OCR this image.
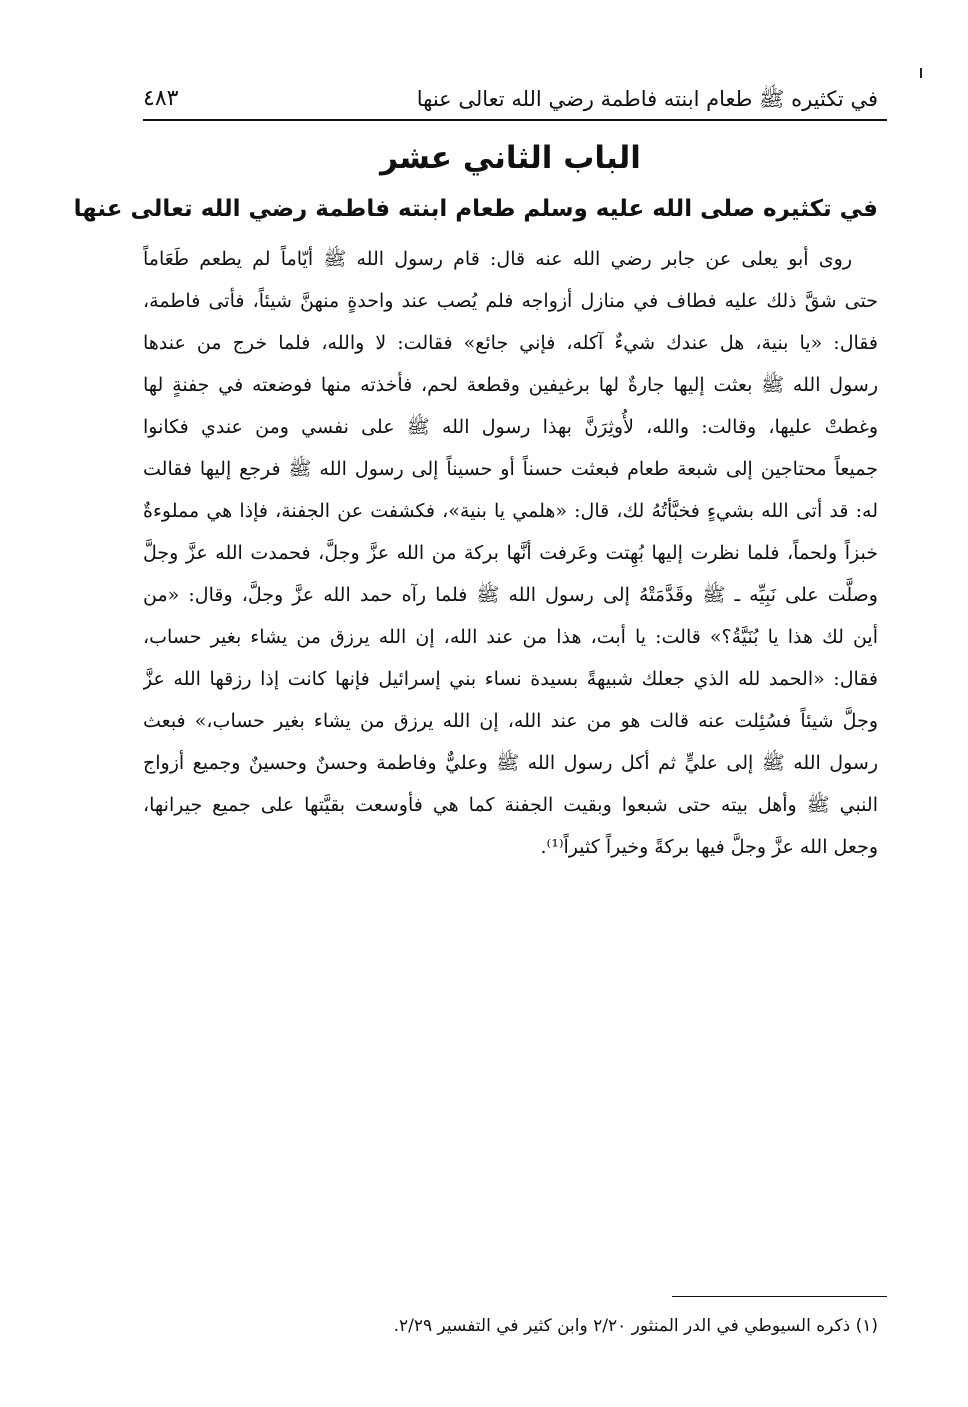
في تكثيره ﷺ طعام ابنته فاطمة رضي الله تعالى عنها
٤٨٣
الباب الثاني عشر
في تكثيره صلى الله عليه وسلم طعام ابنته فاطمة رضي الله تعالى عنها
روى أبو يعلى عن جابر رضي الله عنه قال: قام رسول الله ﷺ أيّاماً لم يطعم طَعَاماً
حتى شقَّ ذلك عليه فطاف في منازل أزواجه فلم يُصب عند واحدةٍ منهنَّ شيئاً، فأتى فاطمة،
فقال: «يا بنية، هل عندك شيءٌ آكله، فإني جائع» فقالت: لا والله، فلما خرج من عندها
رسول الله ﷺ بعثت إليها جارةٌ لها برغيفين وقطعة لحم، فأخذته منها فوضعته في جفنةٍ لها
وغطتْ عليها، وقالت: والله، لأُوثِرَنَّ بهذا رسول الله ﷺ على نفسي ومن عندي فكانوا
جميعاً محتاجين إلى شبعة طعام فبعثت حسناً أو حسيناً إلى رسول الله ﷺ فرجع إليها فقالت
له: قد أتى الله بشيءٍ فخبَّأتُهُ لك، قال: «هلمي يا بنية»، فكشفت عن الجفنة، فإذا هي مملوءةٌ
خبزاً ولحماً، فلما نظرت إليها بُهِتت وعَرفت أنَّها بركة من الله عزَّ وجلَّ، فحمدت الله عزَّ وجلَّ
وصلَّت على نَبِيِّه ـ ﷺ وقَدَّمَتْهُ إلى رسول الله ﷺ فلما رآه حمد الله عزَّ وجلَّ، وقال: «من
أين لك هذا يا بُنَيَّةُ؟» قالت: يا أبت، هذا من عند الله، إن الله يرزق من يشاء بغير حساب،
فقال: «الحمد لله الذي جعلك شبيهةً بسيدة نساء بني إسرائيل فإنها كانت إذا رزقها الله عزَّ
وجلَّ شيئاً فسُئِلت عنه قالت هو من عند الله، إن الله يرزق من يشاء بغير حساب،» فبعث
رسول الله ﷺ إلى عليٍّ ثم أكل رسول الله ﷺ وعليٌّ وفاطمة وحسنٌ وحسينٌ وجميع أزواج
النبي ﷺ وأهل بيته حتى شبعوا وبقيت الجفنة كما هي فأوسعت بقيَّتها على جميع جيرانها،
وجعل الله عزَّ وجلَّ فيها بركةً وخيراً كثيراً⁽¹⁾.
(١) ذكره السيوطي في الدر المنثور ٢/٢٠ وابن كثير في التفسير ٢/٢٩.
